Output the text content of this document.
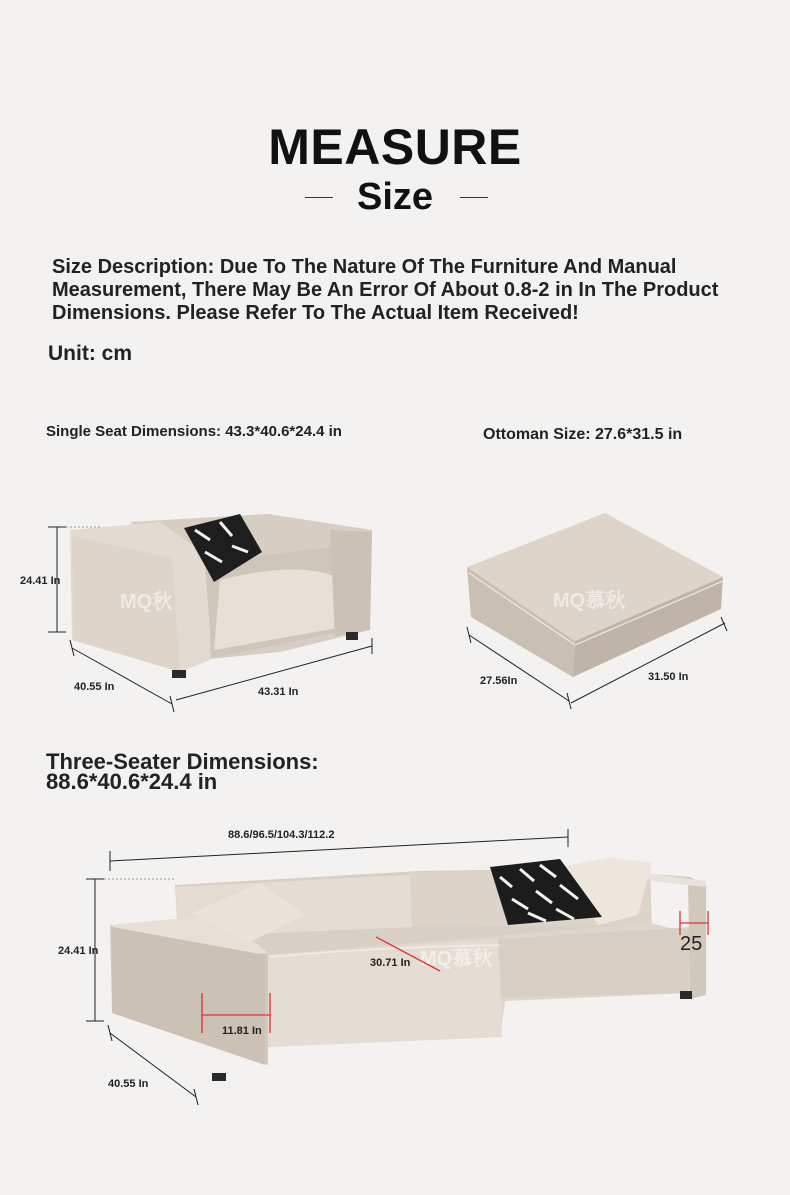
MEASURE
Size
Size Description: Due To The Nature Of The Furniture And Manual Measurement, There May Be An Error Of About 0.8-2 in In The Product Dimensions. Please Refer To The Actual Item Received!
Unit: cm
Single Seat Dimensions: 43.3*40.6*24.4 in	Ottoman Size: 27.6*31.5 in
MQ秋
24.41 In
40.55 In	43.31 In
MQ慕秋
27.56In	31.50 In
Three-Seater Dimensions:
88.6*40.6*24.4 in
MQ慕秋
88.6/96.5/104.3/112.2
24.41 In
40.55 In
30.71 In
11.81 In
25
